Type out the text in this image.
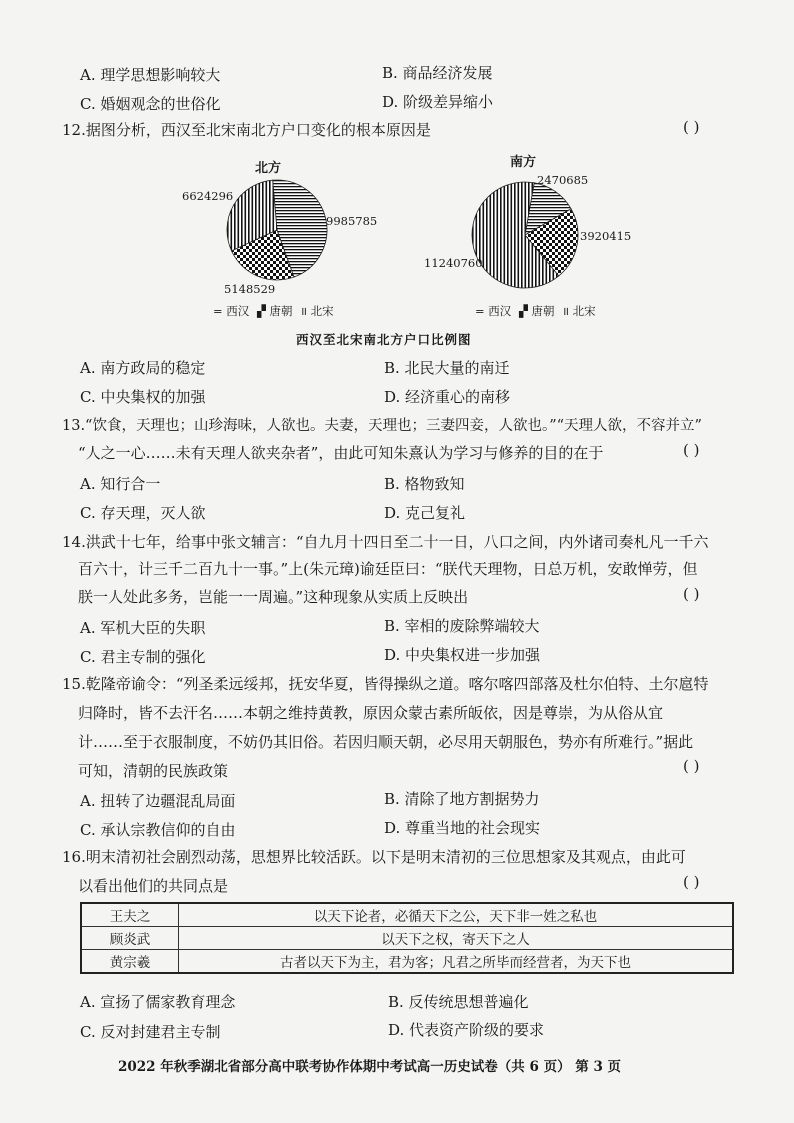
A. 理学思想影响较大	B. 商品经济发展
C. 婚姻观念的世俗化	D. 阶级差异缩小
12.据图分析，西汉至北宋南北方户口变化的根本原因是	( )
北方	南方
6624296
9985785
5148529
2470685
3920415
11240760
= 西汉 ▞ 唐朝 ॥ 北宋	= 西汉 ▞ 唐朝 ॥ 北宋
西汉至北宋南北方户口比例图
A. 南方政局的稳定	B. 北民大量的南迁
C. 中央集权的加强	D. 经济重心的南移
13.“饮食，天理也；山珍海味，人欲也。夫妻，天理也；三妻四妾，人欲也。”“天理人欲，不容并立”
“人之一心……未有天理人欲夹杂者”，由此可知朱熹认为学习与修养的目的在于	( )
A. 知行合一	B. 格物致知
C. 存天理，灭人欲	D. 克己复礼
14.洪武十七年，给事中张文辅言：“自九月十四日至二十一日，八口之间，内外诸司奏札凡一千六
百六十，计三千二百九十一事。”上(朱元璋)谕廷臣曰：“朕代天理物，日总万机，安敢惮劳，但
朕一人处此多务，岂能一一周遍。”这种现象从实质上反映出	( )
A. 军机大臣的失职	B. 宰相的废除弊端较大
C. 君主专制的强化	D. 中央集权进一步加强
15.乾隆帝谕令：“列圣柔远绥邦，抚安华夏，皆得操纵之道。喀尔喀四部落及杜尔伯特、土尔扈特
归降时，皆不去汗名……本朝之维持黄教，原因众蒙古素所皈依，因是尊崇，为从俗从宜
计……至于衣服制度，不妨仍其旧俗。若因归顺天朝，必尽用天朝服色，势亦有所难行。”据此
可知，清朝的民族政策	( )
A. 扭转了边疆混乱局面	B. 清除了地方割据势力
C. 承认宗教信仰的自由	D. 尊重当地的社会现实
16.明末清初社会剧烈动荡，思想界比较活跃。以下是明末清初的三位思想家及其观点，由此可
以看出他们的共同点是	( )
王夫之	以天下论者，必循天下之公，天下非一姓之私也
顾炎武	以天下之权，寄天下之人
黄宗羲	古者以天下为主，君为客；凡君之所毕而经营者，为天下也
A. 宣扬了儒家教育理念	B. 反传统思想普遍化
C. 反对封建君主专制	D. 代表资产阶级的要求
2022 年秋季湖北省部分高中联考协作体期中考试高一历史试卷（共 6 页） 第 3 页
